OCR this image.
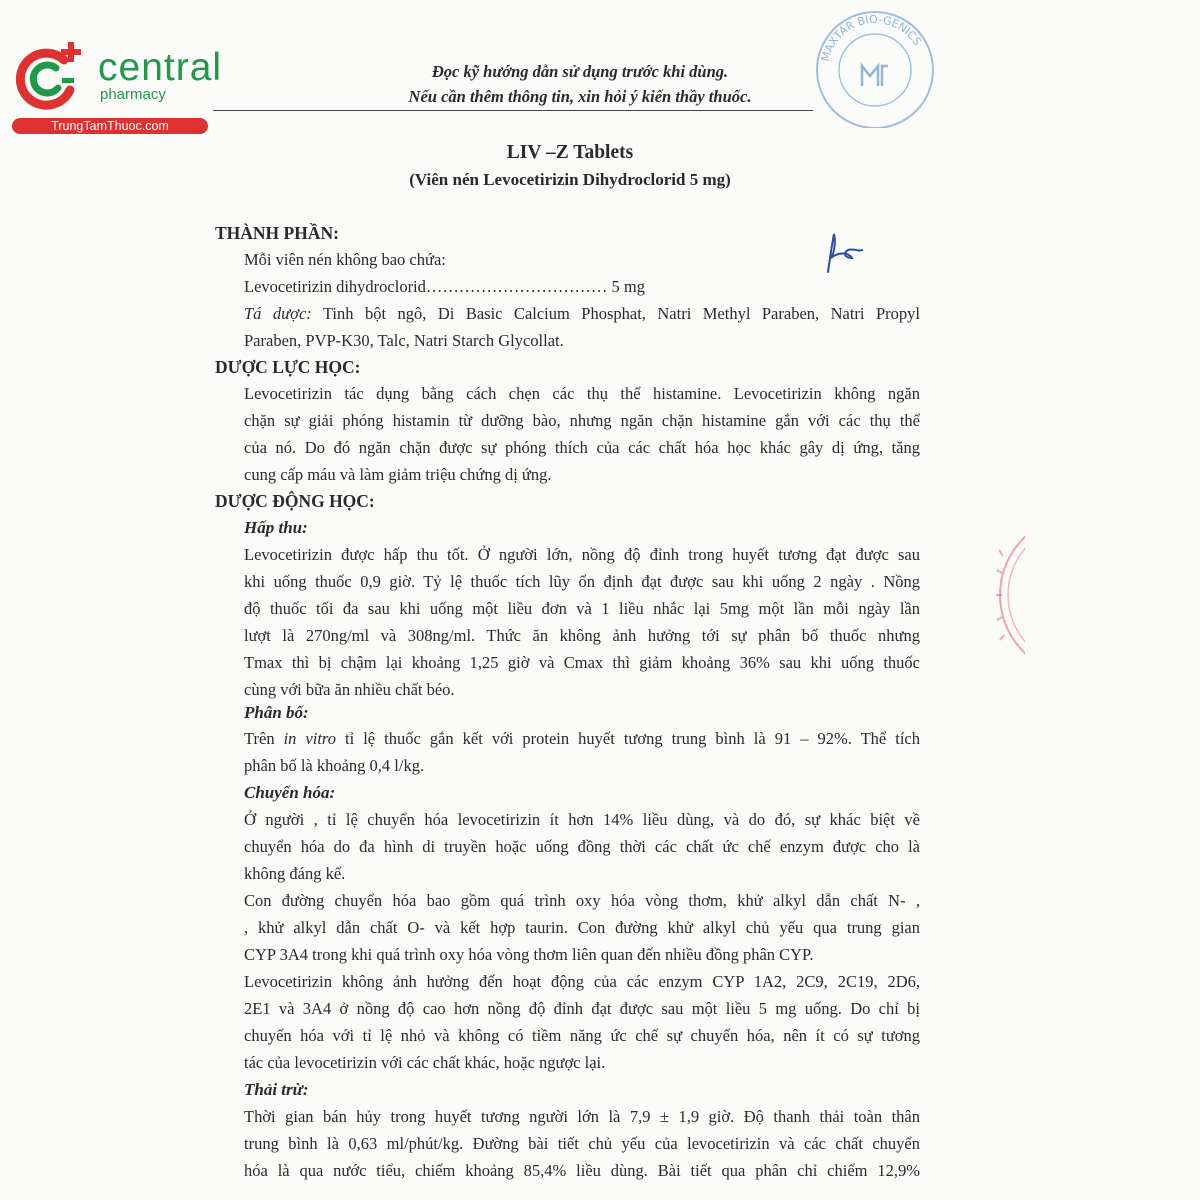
central
pharmacy
TrungTamThuoc.com
Đọc kỹ hướng dẫn sử dụng trước khi dùng.
Nếu cần thêm thông tin, xin hỏi ý kiến thầy thuốc.
MAXTAR BIO-GENICS
LIV –Z Tablets
(Viên nén Levocetirizin Dihydroclorid 5 mg)
THÀNH PHẦN:
Mỗi viên nén không bao chứa:
Levocetirizin dihydroclorid…………………………… 5 mg
Tá dược: Tinh bột ngô, Di Basic Calcium Phosphat, Natri Methyl Paraben, Natri Propyl
Paraben, PVP-K30, Talc, Natri Starch Glycollat.
DƯỢC LỰC HỌC:
Levocetirizin tác dụng bằng cách chẹn các thụ thể histamine. Levocetirizin không ngăn
chặn sự giải phóng histamin từ dưỡng bào, nhưng ngăn chặn histamine gắn với các thụ thể
của nó. Do đó ngăn chặn được sự phóng thích của các chất hóa học khác gây dị ứng, tăng
cung cấp máu và làm giảm triệu chứng dị ứng.
DƯỢC ĐỘNG HỌC:
Hấp thu:
Levocetirizin được hấp thu tốt. Ở người lớn, nồng độ đỉnh trong huyết tương đạt được sau
khi uống thuốc 0,9 giờ. Tỷ lệ thuốc tích lũy ổn định đạt được sau khi uống 2 ngày . Nồng
độ thuốc tối đa sau khi uống một liều đơn và 1 liều nhắc lại 5mg một lần mỗi ngày lần
lượt là 270ng/ml và 308ng/ml. Thức ăn không ảnh hưởng tới sự phân bố thuốc nhưng
Tmax thì bị chậm lại khoảng 1,25 giờ và Cmax thì giảm khoảng 36% sau khi uống thuốc
cùng với bữa ăn nhiều chất béo.
Phân bố:
Trên in vitro tỉ lệ thuốc gắn kết với protein huyết tương trung bình là 91 – 92%. Thể tích
phân bố là khoảng 0,4 l/kg.
Chuyển hóa:
Ở người , tỉ lệ chuyển hóa levocetirizin ít hơn 14% liều dùng, và do đó, sự khác biệt về
chuyển hóa do đa hình di truyền hoặc uống đồng thời các chất ức chế enzym được cho là
không đáng kể.
Con đường chuyển hóa bao gồm quá trình oxy hóa vòng thơm, khử alkyl dẫn chất N- ,
, khử alkyl dẫn chất O- và kết hợp taurin. Con đường khử alkyl chủ yếu qua trung gian
CYP 3A4 trong khi quá trình oxy hóa vòng thơm liên quan đến nhiều đồng phân CYP.
Levocetirizin không ảnh hưởng đến hoạt động của các enzym CYP 1A2, 2C9, 2C19, 2D6,
2E1 và 3A4 ở nồng độ cao hơn nồng độ đỉnh đạt được sau một liều 5 mg uống. Do chỉ bị
chuyển hóa với tỉ lệ nhỏ và không có tiềm năng ức chế sự chuyển hóa, nên ít có sự tương
tác của levocetirizin với các chất khác, hoặc ngược lại.
Thải trừ:
Thời gian bán hủy trong huyết tương người lớn là 7,9 ± 1,9 giờ. Độ thanh thải toàn thân
trung bình là 0,63 ml/phút/kg. Đường bài tiết chủ yếu của levocetirizin và các chất chuyển
hóa là qua nước tiểu, chiếm khoảng 85,4% liều dùng. Bài tiết qua phân chỉ chiếm 12,9%
